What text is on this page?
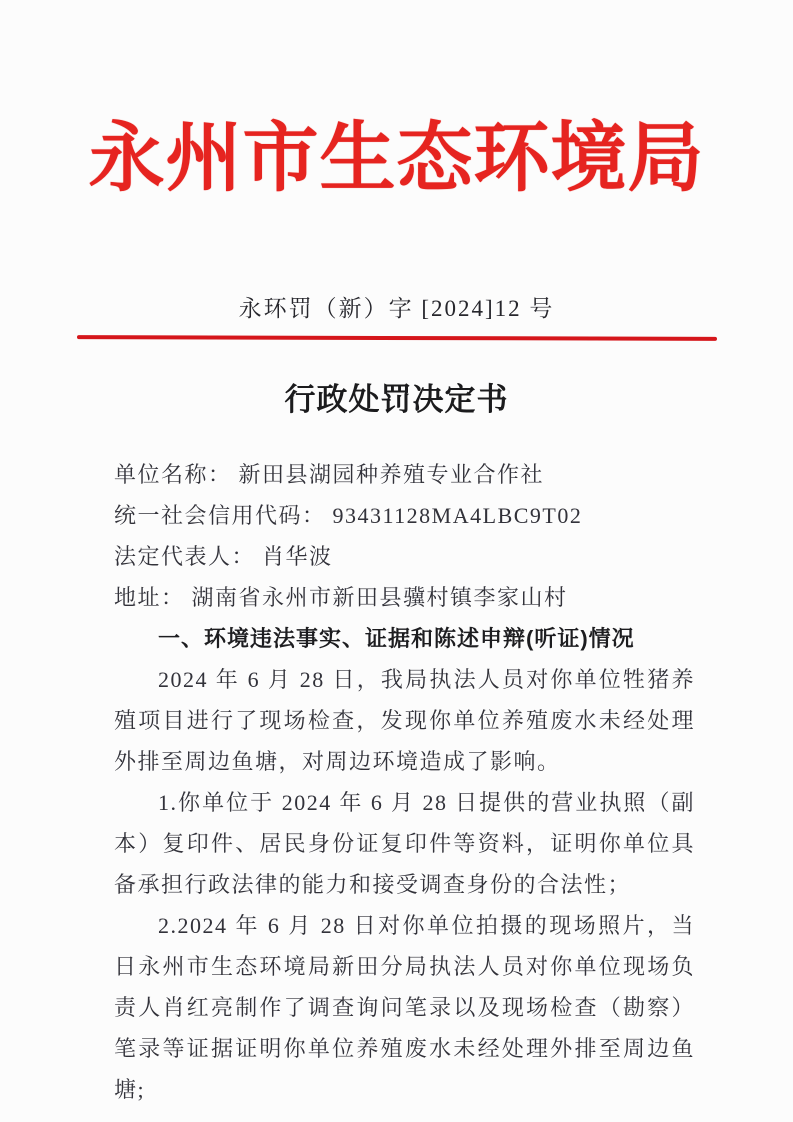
永州市生态环境局
永环罚（新）字 [2024]12 号
行政处罚决定书

单位名称： 新田县湖园种养殖专业合作社

统一社会信用代码： 93431128MA4LBC9T02

法定代表人： 肖华波

地址： 湖南省永州市新田县骥村镇李家山村

一、环境违法事实、证据和陈述申辩(听证)情况

2024 年 6 月 28 日，我局执法人员对你单位牲猪养殖项目进行了现场检查，发现你单位养殖废水未经处理外排至周边鱼塘，对周边环境造成了影响。

1.你单位于 2024 年 6 月 28 日提供的营业执照（副本）复印件、居民身份证复印件等资料，证明你单位具备承担行政法律的能力和接受调查身份的合法性；

2.2024 年 6 月 28 日对你单位拍摄的现场照片，当日永州市生态环境局新田分局执法人员对你单位现场负责人肖红亮制作了调查询问笔录以及现场检查（勘察）笔录等证据证明你单位养殖废水未经处理外排至周边鱼塘;
